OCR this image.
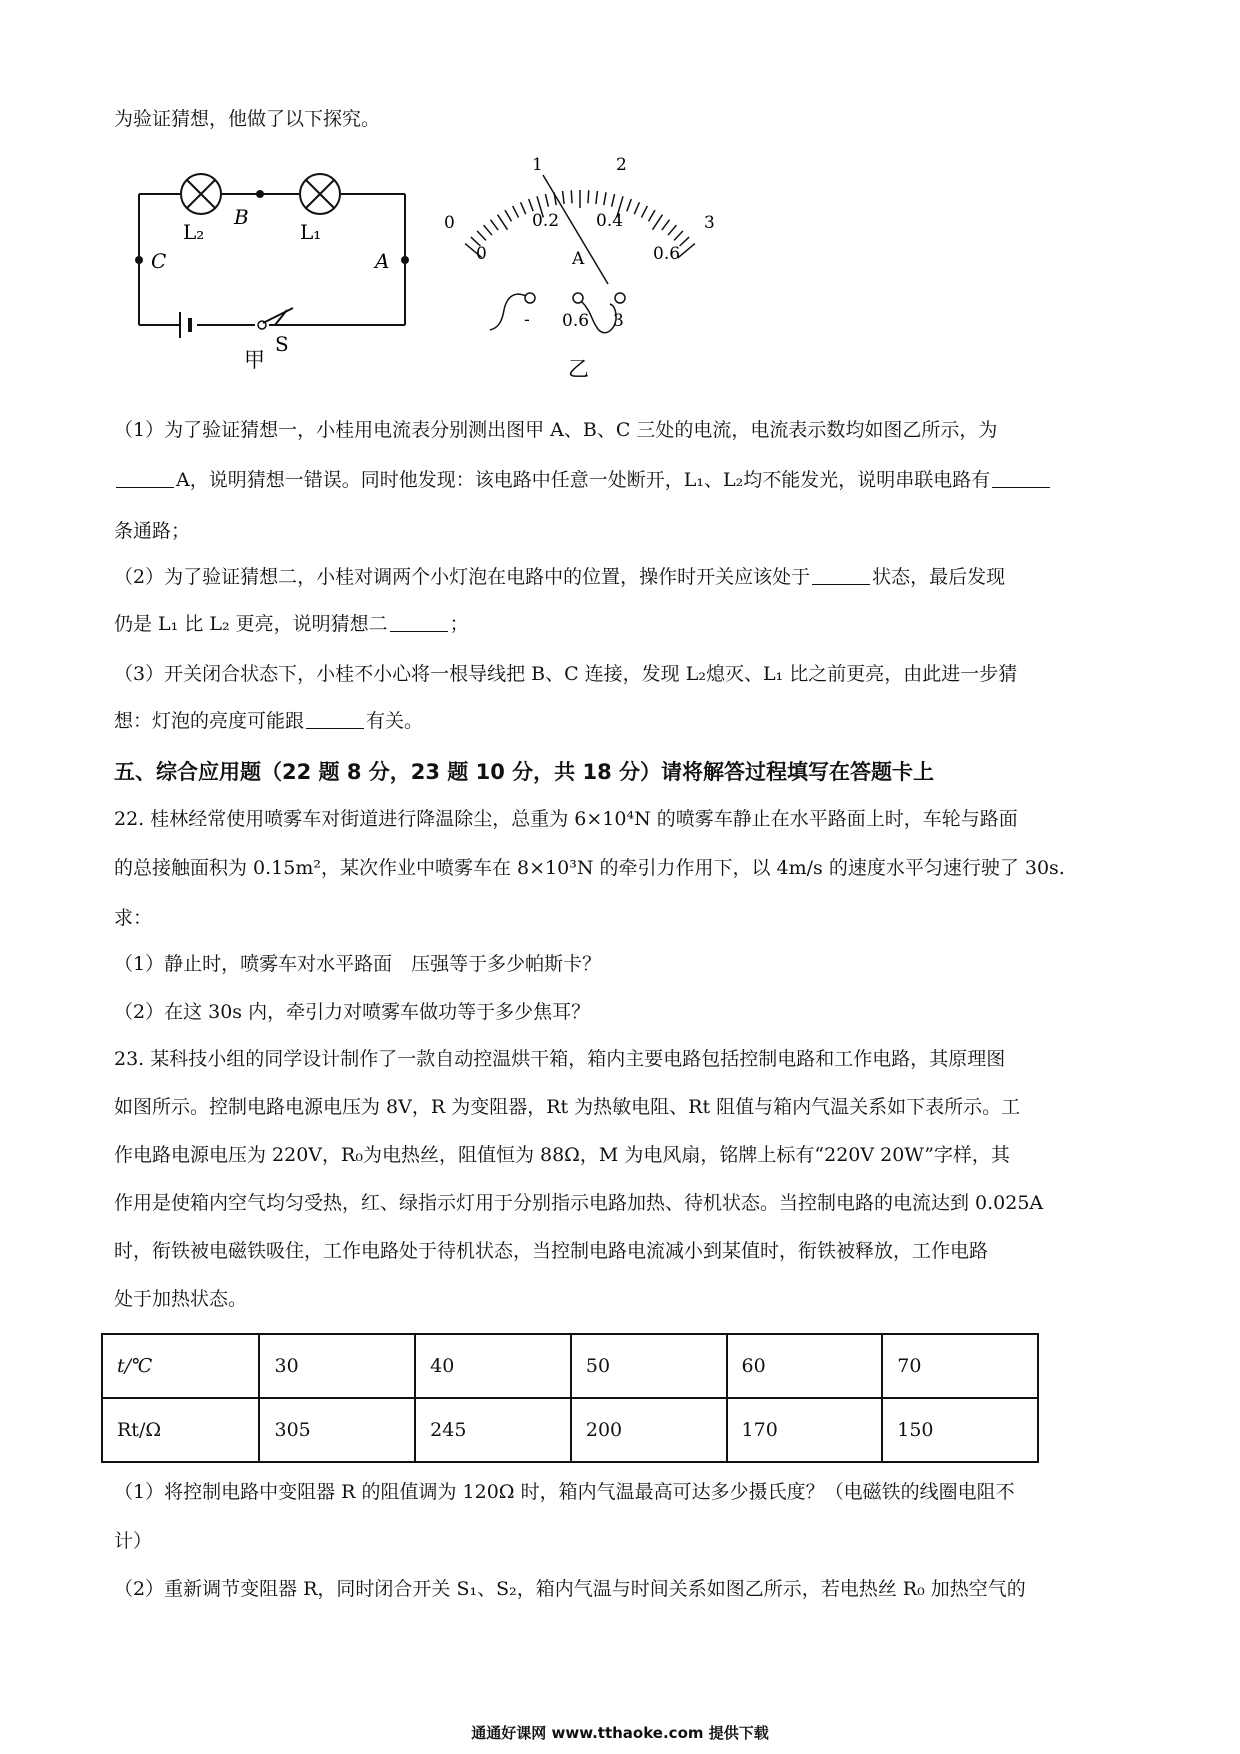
为验证猜想，他做了以下探究。
L₂
B
L₁
C	A
S
甲
0
1	2
3
0
0.2 0.4
0.6
A
- 0.6 3
乙
（1）为了验证猜想一，小桂用电流表分别测出图甲 A、B、C 三处的电流，电流表示数均如图乙所示，为
A，说明猜想一错误。同时他发现：该电路中任意一处断开，L₁、L₂均不能发光，说明串联电路有
条通路；
（2）为了验证猜想二，小桂对调两个小灯泡在电路中的位置，操作时开关应该处于	状态，最后发现
仍是 L₁ 比 L₂ 更亮，说明猜想二	；
（3）开关闭合状态下，小桂不小心将一根导线把 B、C 连接，发现 L₂熄灭、L₁ 比之前更亮，由此进一步猜
想：灯泡的亮度可能跟	有关。
五、综合应用题（22 题 8 分，23 题 10 分，共 18 分）请将解答过程填写在答题卡上
22. 桂林经常使用喷雾车对街道进行降温除尘，总重为 6×10⁴N 的喷雾车静止在水平路面上时，车轮与路面
的总接触面积为 0.15m²，某次作业中喷雾车在 8×10³N 的牵引力作用下，以 4m/s 的速度水平匀速行驶了 30s.
求：
（1）静止时，喷雾车对水平路面　压强等于多少帕斯卡？
（2）在这 30s 内，牵引力对喷雾车做功等于多少焦耳？
23. 某科技小组的同学设计制作了一款自动控温烘干箱，箱内主要电路包括控制电路和工作电路，其原理图
如图所示。控制电路电源电压为 8V，R 为变阻器，Rt 为热敏电阻、Rt 阻值与箱内气温关系如下表所示。工
作电路电源电压为 220V，R₀为电热丝，阻值恒为 88Ω，M 为电风扇，铭牌上标有“220V 20W”字样，其
作用是使箱内空气均匀受热，红、绿指示灯用于分别指示电路加热、待机状态。当控制电路的电流达到 0.025A
时，衔铁被电磁铁吸住，工作电路处于待机状态，当控制电路电流减小到某值时，衔铁被释放，工作电路
处于加热状态。
t/℃	30	40	50	60	70
Rt/Ω	305	245	200	170	150
（1）将控制电路中变阻器 R 的阻值调为 120Ω 时，箱内气温最高可达多少摄氏度？（电磁铁的线圈电阻不
计）
（2）重新调节变阻器 R，同时闭合开关 S₁、S₂，箱内气温与时间关系如图乙所示，若电热丝 R₀ 加热空气的
通通好课网 www.tthaoke.com 提供下载
